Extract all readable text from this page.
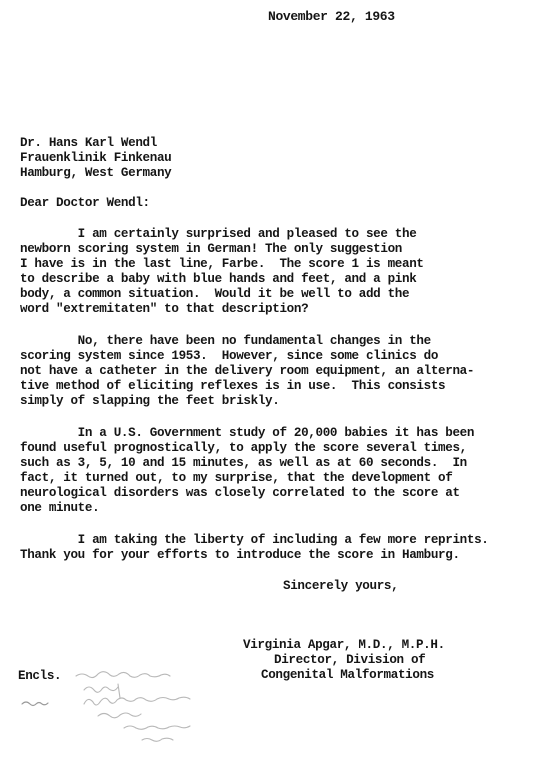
November 22, 1963
Dr. Hans Karl Wendl
Frauenklinik Finkenau
Hamburg, West Germany
Dear Doctor Wendl:
I am certainly surprised and pleased to see the
newborn scoring system in German! The only suggestion
I have is in the last line, Farbe.  The score 1 is meant
to describe a baby with blue hands and feet, and a pink
body, a common situation.  Would it be well to add the
word "extremitaten" to that description?
No, there have been no fundamental changes in the
scoring system since 1953.  However, since some clinics do
not have a catheter in the delivery room equipment, an alterna-
tive method of eliciting reflexes is in use.  This consists
simply of slapping the feet briskly.
In a U.S. Government study of 20,000 babies it has been
found useful prognostically, to apply the score several times,
such as 3, 5, 10 and 15 minutes, as well as at 60 seconds.  In
fact, it turned out, to my surprise, that the development of
neurological disorders was closely correlated to the score at
one minute.
I am taking the liberty of including a few more reprints.
Thank you for your efforts to introduce the score in Hamburg.
Sincerely yours,
Virginia Apgar, M.D., M.P.H.
Director, Division of
Congenital Malformations
Encls.
